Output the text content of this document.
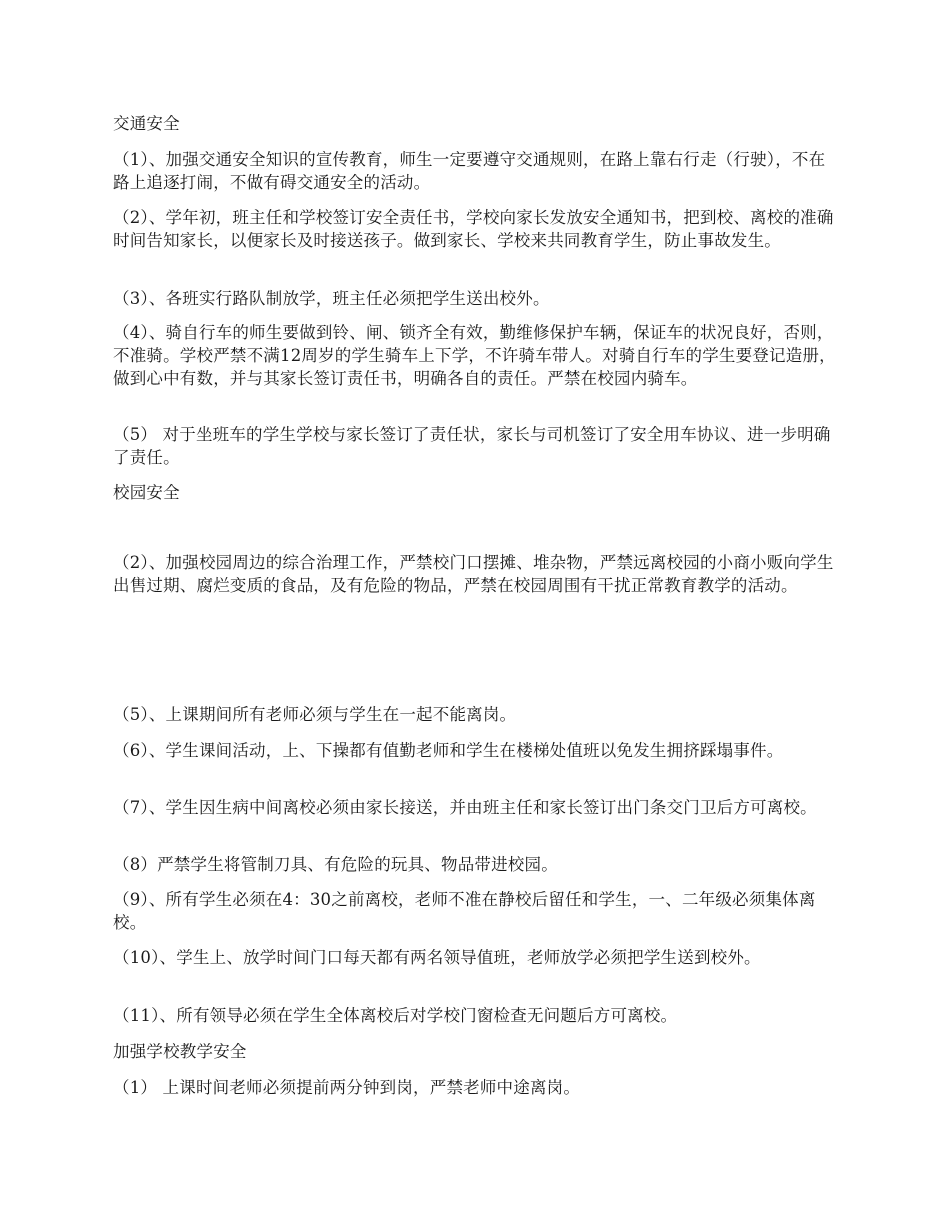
交通安全

（1）、加强交通安全知识的宣传教育，师生一定要遵守交通规则，在路上靠右行走（行驶），不在路上追逐打闹，不做有碍交通安全的活动。

（2）、学年初，班主任和学校签订安全责任书，学校向家长发放安全通知书，把到校、离校的准确时间告知家长，以便家长及时接送孩子。做到家长、学校来共同教育学生，防止事故发生。

（3）、各班实行路队制放学，班主任必须把学生送出校外。

（4）、骑自行车的师生要做到铃、闸、锁齐全有效，勤维修保护车辆，保证车的状况良好，否则，不准骑。学校严禁不满12周岁的学生骑车上下学，不许骑车带人。对骑自行车的学生要登记造册，做到心中有数，并与其家长签订责任书，明确各自的责任。严禁在校园内骑车。

（5） 对于坐班车的学生学校与家长签订了责任状，家长与司机签订了安全用车协议、进一步明确了责任。

校园安全

（2）、加强校园周边的综合治理工作，严禁校门口摆摊、堆杂物，严禁远离校园的小商小贩向学生出售过期、腐烂变质的食品，及有危险的物品，严禁在校园周围有干扰正常教育教学的活动。

（5）、上课期间所有老师必须与学生在一起不能离岗。

（6）、学生课间活动，上、下操都有值勤老师和学生在楼梯处值班以免发生拥挤踩塌事件。

（7）、学生因生病中间离校必须由家长接送，并由班主任和家长签订出门条交门卫后方可离校。

（8）严禁学生将管制刀具、有危险的玩具、物品带进校园。

（9）、所有学生必须在4：30之前离校，老师不准在静校后留任和学生，一、二年级必须集体离校。

（10）、学生上、放学时间门口每天都有两名领导值班，老师放学必须把学生送到校外。

（11）、所有领导必须在学生全体离校后对学校门窗检查无问题后方可离校。

加强学校教学安全

（1） 上课时间老师必须提前两分钟到岗，严禁老师中途离岗。
